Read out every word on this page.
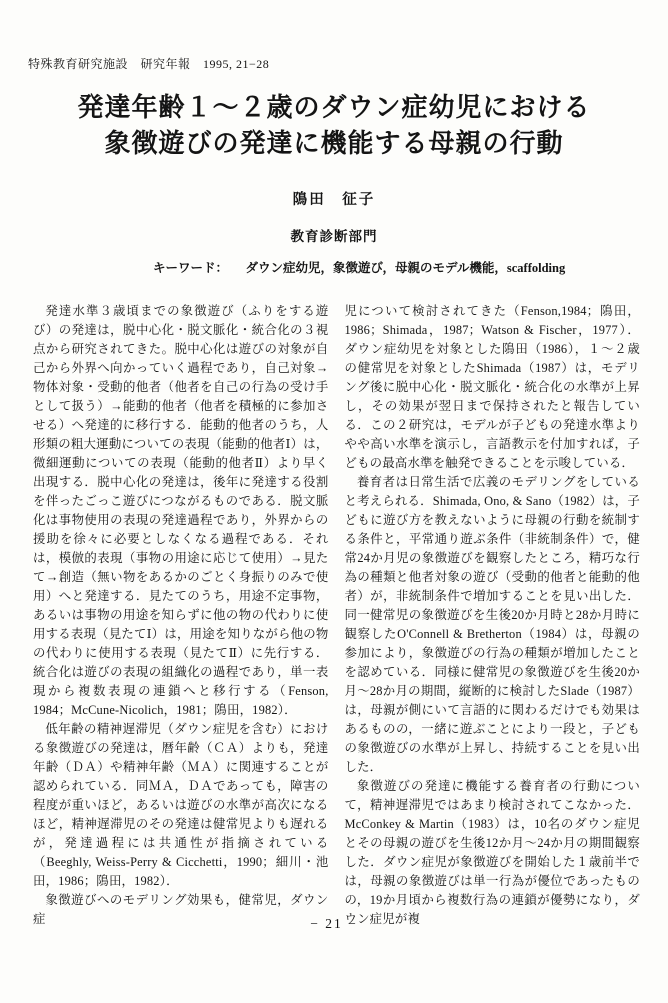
特殊教育研究施設　研究年報　1995, 21−28
発達年齢１～２歳のダウン症幼児における
象徴遊びの発達に機能する母親の行動
隝田　征子
教育診断部門
キーワード： ダウン症幼児，象徴遊び，母親のモデル機能，scaffolding

発達水準３歳頃までの象徴遊び（ふりをする遊び）の発達は，脱中心化・脱文脈化・統合化の３視点から研究されてきた。脱中心化は遊びの対象が自己から外界へ向かっていく過程であり，自己対象→物体対象・受動的他者（他者を自己の行為の受け手として扱う）→能動的他者（他者を積極的に参加させる）へ発達的に移行する．能動的他者のうち，人形類の粗大運動についての表現（能動的他者Ⅰ）は，微細運動についての表現（能動的他者Ⅱ）より早く出現する．脱中心化の発達は，後年に発達する役割を伴ったごっこ遊びにつながるものである．脱文脈化は事物使用の表現の発達過程であり，外界からの援助を徐々に必要としなくなる過程である．それは，模倣的表現（事物の用途に応じて使用）→見たて→創造（無い物をあるかのごとく身振りのみで使用）へと発達する．見たてのうち，用途不定事物，あるいは事物の用途を知らずに他の物の代わりに使用する表現（見たてⅠ）は，用途を知りながら他の物の代わりに使用する表現（見たてⅡ）に先行する．統合化は遊びの表現の組織化の過程であり，単一表現から複数表現の連鎖へと移行する（Fenson, 1984；McCune-Nicolich，1981；隝田，1982）．

低年齢の精神遅滞児（ダウン症児を含む）における象徴遊びの発達は，暦年齢（ＣＡ）よりも，発達年齢（ＤＡ）や精神年齢（ＭＡ）に関連することが認められている．同ＭＡ，ＤＡであっても，障害の程度が重いほど，あるいは遊びの水準が高次になるほど，精神遅滞児のその発達は健常児よりも遅れるが，発達過程には共通性が指摘されている（Beeghly, Weiss-Perry & Cicchetti，1990；細川・池田，1986；隝田，1982）．

象徴遊びへのモデリング効果も，健常児，ダウン症

児について検討されてきた（Fenson,1984；隝田，1986；Shimada，1987；Watson & Fischer，1977）．ダウン症幼児を対象とした隝田（1986），１～２歳の健常児を対象としたShimada（1987）は，モデリング後に脱中心化・脱文脈化・統合化の水準が上昇し，その効果が翌日まで保持されたと報告している．この２研究は，モデルが子どもの発達水準よりやや高い水準を演示し，言語教示を付加すれば，子どもの最高水準を触発できることを示唆している．

養育者は日常生活で広義のモデリングをしていると考えられる．Shimada, Ono, & Sano（1982）は，子どもに遊び方を教えないように母親の行動を統制する条件と，平常通り遊ぶ条件（非統制条件）で，健常24か月児の象徴遊びを観察したところ，精巧な行為の種類と他者対象の遊び（受動的他者と能動的他者）が，非統制条件で増加することを見い出した．同一健常児の象徴遊びを生後20か月時と28か月時に観察したO'Connell & Bretherton（1984）は，母親の参加により，象徴遊びの行為の種類が増加したことを認めている．同様に健常児の象徴遊びを生後20か月～28か月の期間，縦断的に検討したSlade（1987）は，母親が側にいて言語的に関わるだけでも効果はあるものの，一緒に遊ぶことにより一段と，子どもの象徴遊びの水準が上昇し、持続することを見い出した．

象徴遊びの発達に機能する養育者の行動について，精神遅滞児ではあまり検討されてこなかった．McConkey & Martin（1983）は，10名のダウン症児とその母親の遊びを生後12か月～24か月の期間観察した．ダウン症児が象徴遊びを開始した１歳前半では，母親の象徴遊びは単一行為が優位であったものの，19か月頃から複数行為の連鎖が優勢になり，ダウン症児が複

− 21 −
